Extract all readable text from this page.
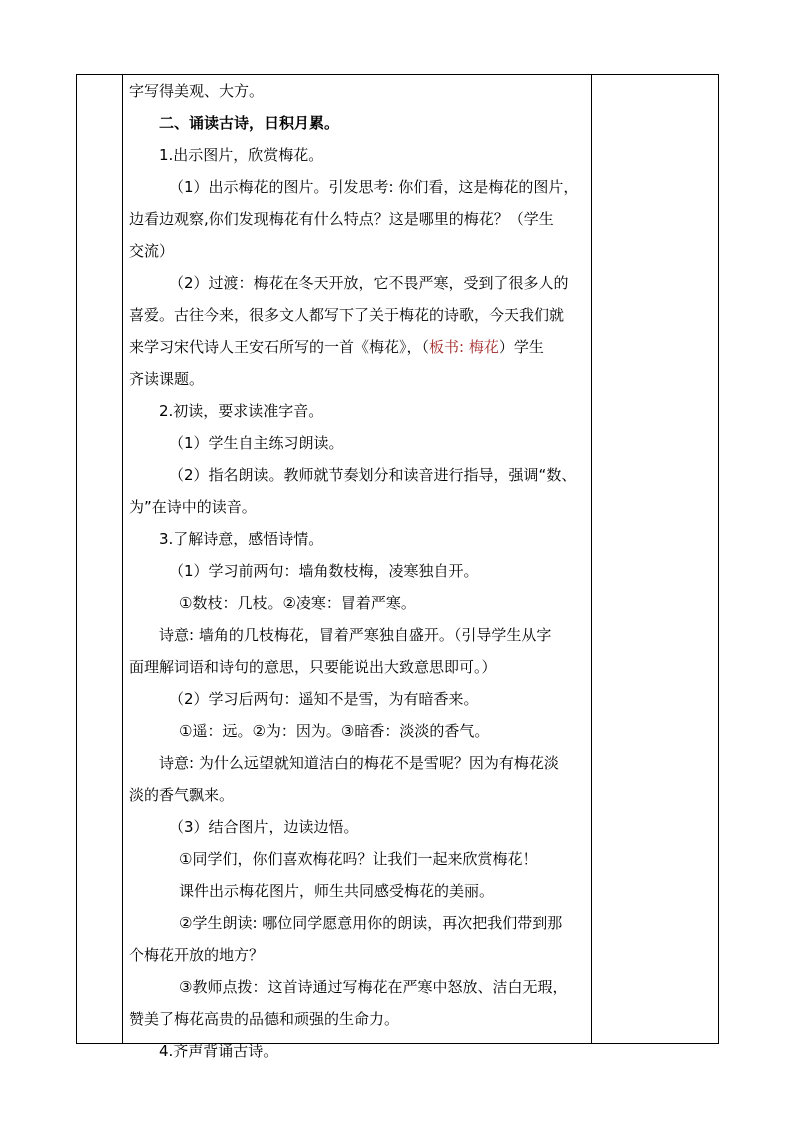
字写得美观、大方。

二、诵读古诗，日积月累。

1.出示图片，欣赏梅花。

（1）出示梅花的图片。引发思考: 你们看，这是梅花的图片，

边看边观察,你们发现梅花有什么特点？这是哪里的梅花？（学生

交流）

（2）过渡：梅花在冬天开放，它不畏严寒，受到了很多人的

喜爱。古往今来，很多文人都写下了关于梅花的诗歌，今天我们就

来学习宋代诗人王安石所写的一首《梅花》，（板书: 梅花）学生

齐读课题。

2.初读，要求读准字音。

（1）学生自主练习朗读。

（2）指名朗读。教师就节奏划分和读音进行指导，强调“数、

为”在诗中的读音。

3.了解诗意，感悟诗情。

（1）学习前两句：墙角数枝梅，凌寒独自开。

①数枝：几枝。②凌寒：冒着严寒。

诗意: 墙角的几枝梅花，冒着严寒独自盛开。（引导学生从字

面理解词语和诗句的意思，只要能说出大致意思即可。）

（2）学习后两句：遥知不是雪，为有暗香来。

①遥：远。②为：因为。③暗香：淡淡的香气。

诗意: 为什么远望就知道洁白的梅花不是雪呢？因为有梅花淡

淡的香气飘来。

（3）结合图片，边读边悟。

①同学们，你们喜欢梅花吗？让我们一起来欣赏梅花！

课件出示梅花图片，师生共同感受梅花的美丽。

②学生朗读: 哪位同学愿意用你的朗读，再次把我们带到那

个梅花开放的地方？

③教师点拨：这首诗通过写梅花在严寒中怒放、洁白无瑕，

赞美了梅花高贵的品德和顽强的生命力。

4.齐声背诵古诗。
